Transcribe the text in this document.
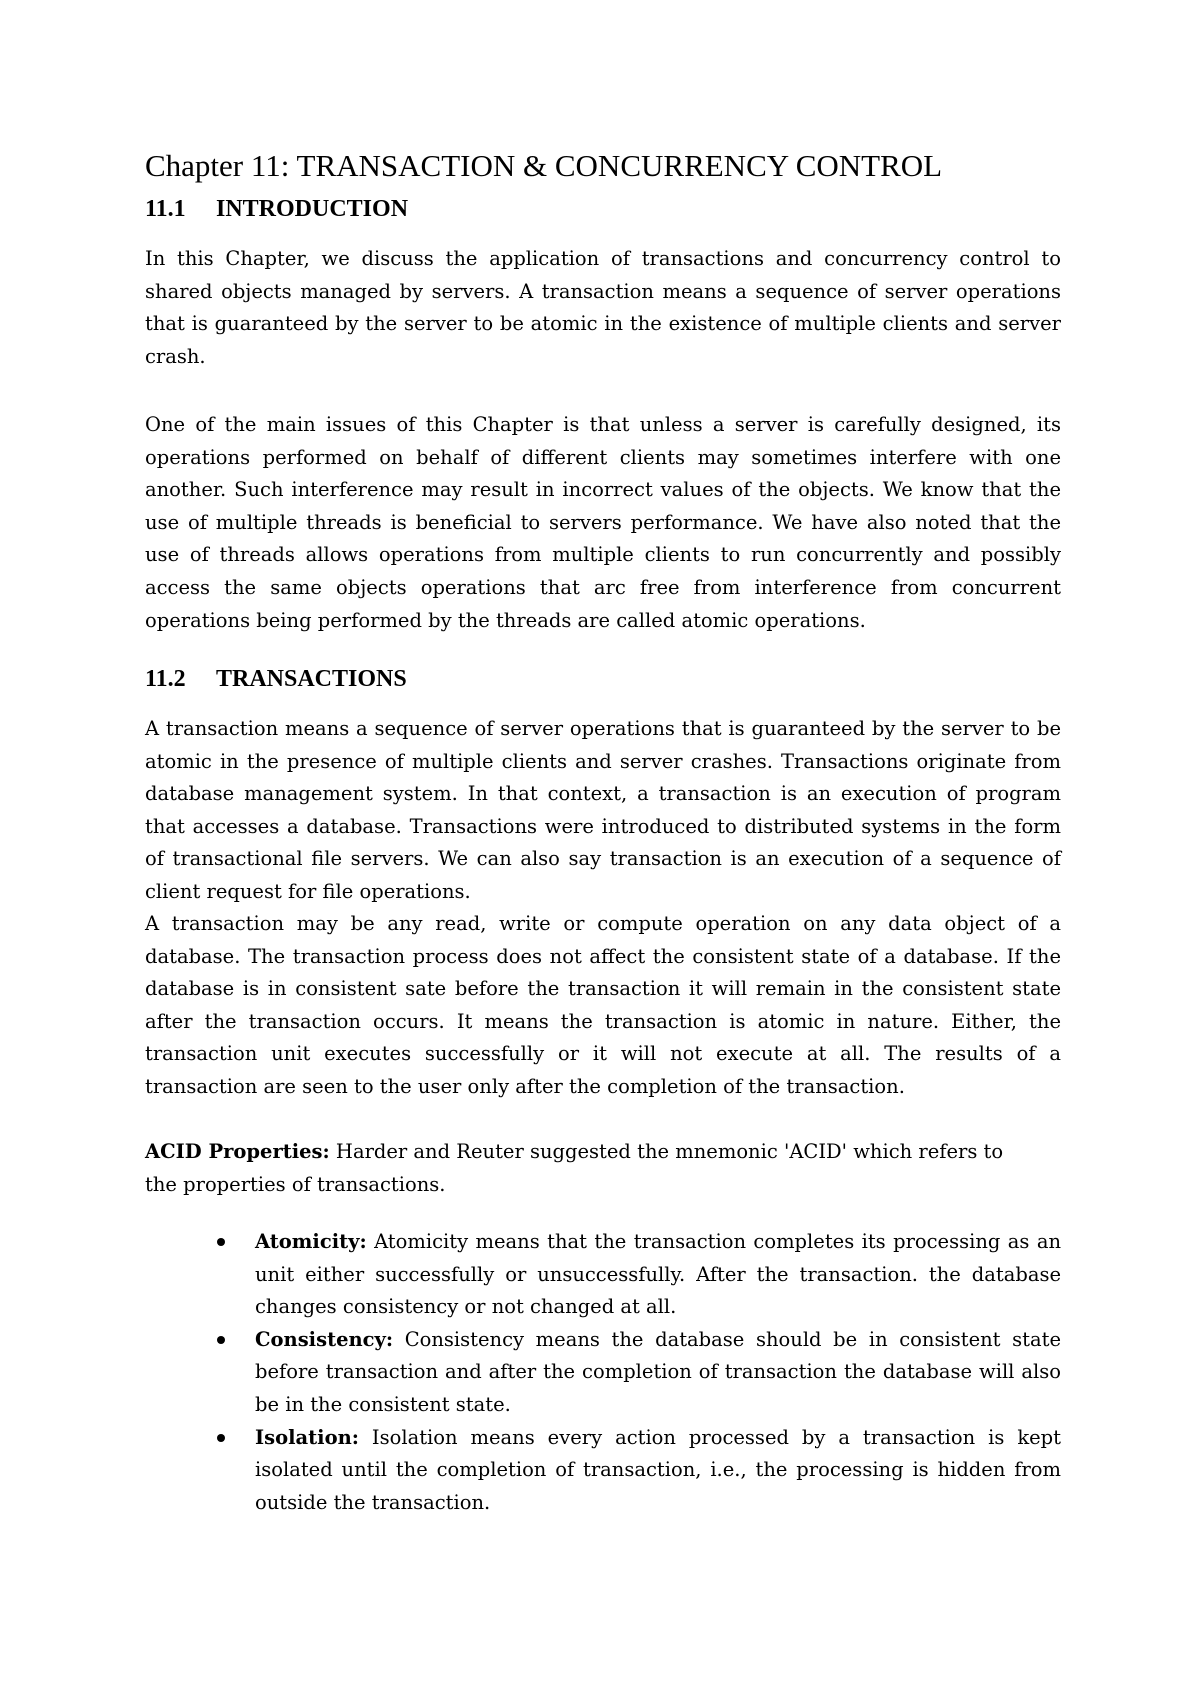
Chapter 11: TRANSACTION & CONCURRENCY CONTROL
11.1 INTRODUCTION

In this Chapter, we discuss the application of transactions and concurrency control to shared objects managed by servers. A transaction means a sequence of server operations that is guaranteed by the server to be atomic in the existence of multiple clients and server crash.

One of the main issues of this Chapter is that unless a server is carefully designed, its operations performed on behalf of different clients may sometimes interfere with one another. Such interference may result in incorrect values of the objects. We know that the use of multiple threads is beneficial to servers performance. We have also noted that the use of threads allows operations from multiple clients to run concurrently and possibly access the same objects operations that arc free from interference from concurrent operations being performed by the threads are called atomic operations.

11.2 TRANSACTIONS

A transaction means a sequence of server operations that is guaranteed by the server to be atomic in the presence of multiple clients and server crashes. Transactions originate from database management system. In that context, a transaction is an execution of program that accesses a database. Transactions were introduced to distributed systems in the form of transactional file servers. We can also say transaction is an execution of a sequence of client request for file operations.

A transaction may be any read, write or compute operation on any data object of a database. The transaction process does not affect the consistent state of a database. If the database is in consistent sate before the transaction it will remain in the consistent state after the transaction occurs. It means the transaction is atomic in nature. Either, the transaction unit executes successfully or it will not execute at all. The results of a transaction are seen to the user only after the completion of the transaction.

ACID Properties: Harder and Reuter suggested the mnemonic 'ACID' which refers to the properties of transactions.

Atomicity: Atomicity means that the transaction completes its processing as an unit either successfully or unsuccessfully. After the transaction. the database changes consistency or not changed at all.
Consistency: Consistency means the database should be in consistent state before transaction and after the completion of transaction the database will also be in the consistent state.
Isolation: Isolation means every action processed by a transaction is kept isolated until the completion of transaction, i.e., the processing is hidden from outside the transaction.
